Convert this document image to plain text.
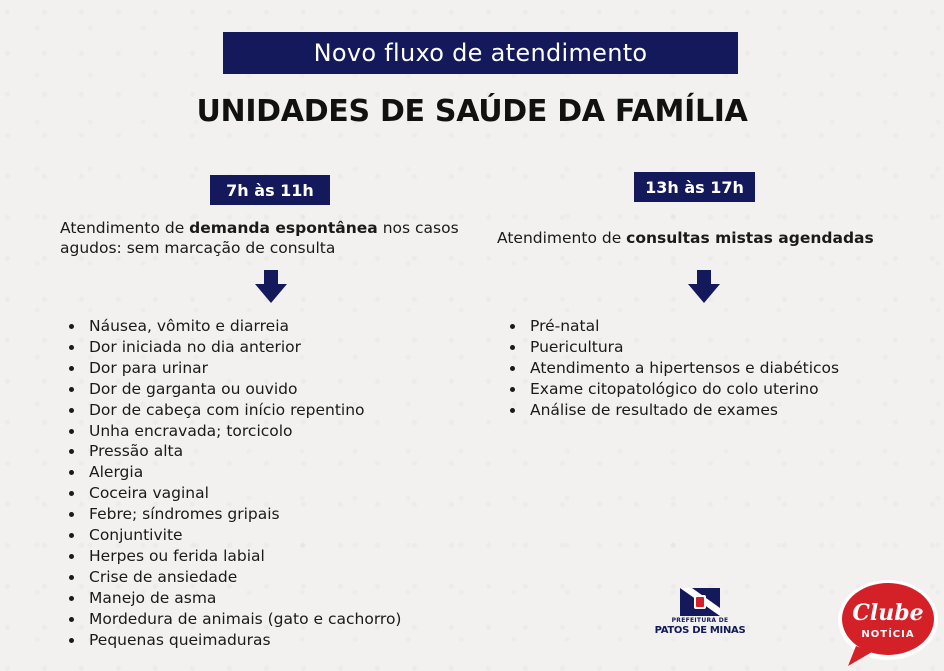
Novo fluxo de atendimento
UNIDADES DE SAÚDE DA FAMÍLIA
7h às 11h	13h às 17h
Atendimento de demanda espontânea nos casos agudos: sem marcação de consulta
Atendimento de consultas mistas agendadas
Náusea, vômito e diarreia
Dor iniciada no dia anterior
Dor para urinar
Dor de garganta ou ouvido
Dor de cabeça com início repentino
Unha encravada; torcicolo
Pressão alta
Alergia
Coceira vaginal
Febre; síndromes gripais
Conjuntivite
Herpes ou ferida labial
Crise de ansiedade
Manejo de asma
Mordedura de animais (gato e cachorro)
Pequenas queimaduras
Pré-natal
Puericultura
Atendimento a hipertensos e diabéticos
Exame citopatológico do colo uterino
Análise de resultado de exames
PREFEITURA DE
PATOS DE MINAS
Clube
NOTÍCIA
